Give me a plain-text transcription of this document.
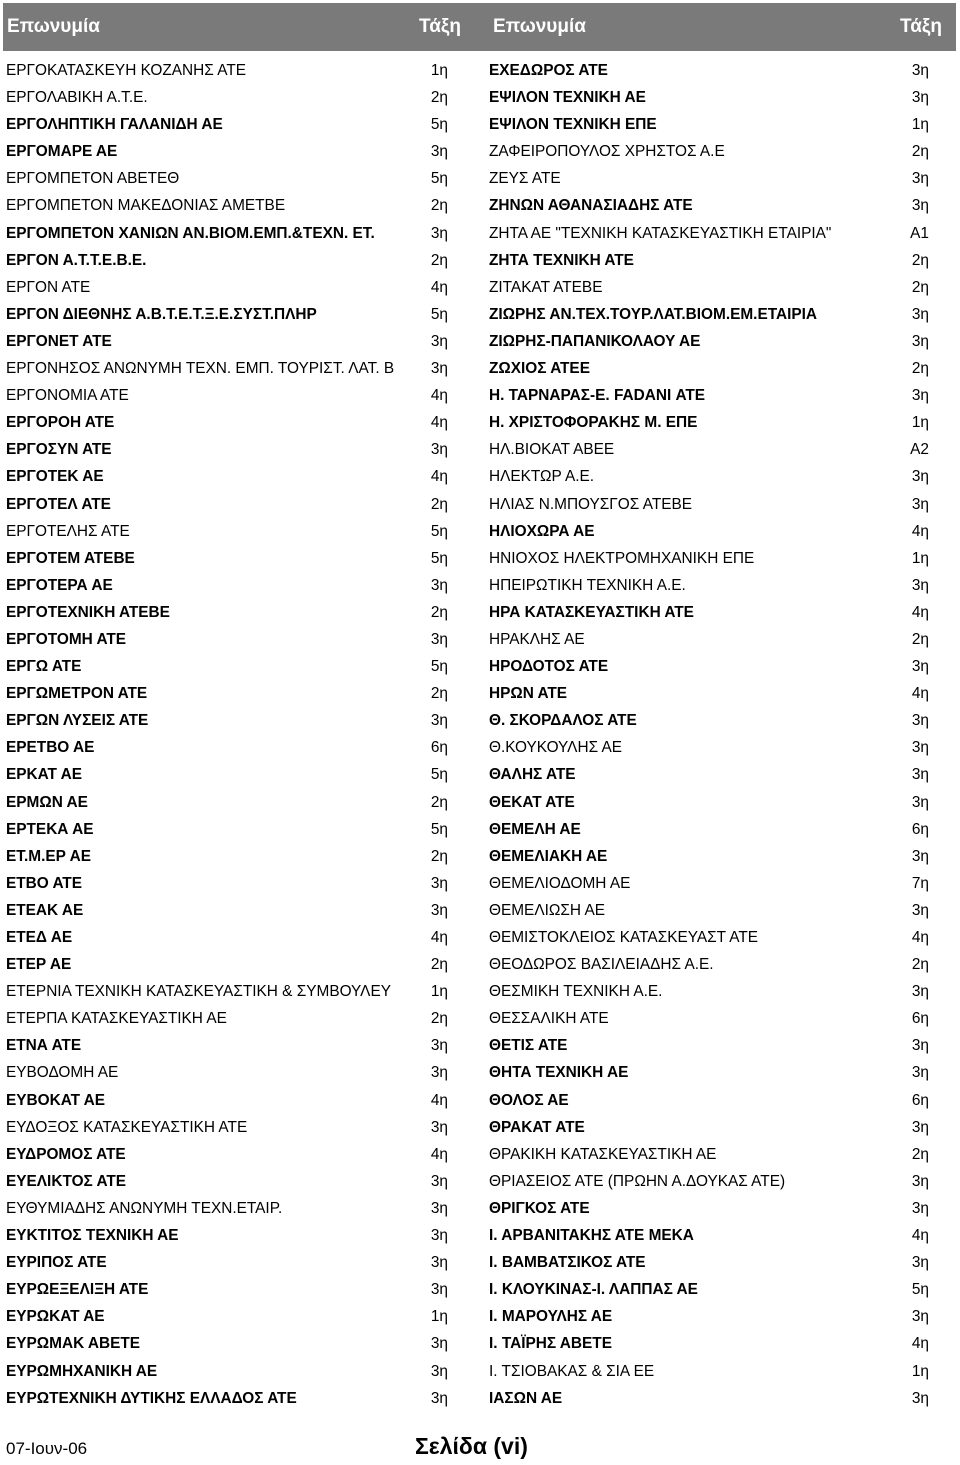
Επωνυμία	Τάξη Επωνυμία	Τάξη
ΕΡΓΟΚΑΤΑΣΚΕΥΗ ΚΟΖΑΝΗΣ ΑΤΕ	1η	ΕΧΕΔΩΡΟΣ ΑΤΕ	3η
ΕΡΓΟΛΑΒΙΚΗ Α.Τ.Ε.	2η	ΕΨΙΛΟΝ ΤΕΧΝΙΚΗ ΑΕ	3η
ΕΡΓΟΛΗΠΤΙΚΗ ΓΑΛΑΝΙΔΗ ΑΕ	5η	ΕΨΙΛΟΝ ΤΕΧΝΙΚΗ ΕΠΕ	1η
ΕΡΓΟΜΑΡΕ ΑΕ	3η	ΖΑΦΕΙΡΟΠΟΥΛΟΣ ΧΡΗΣΤΟΣ Α.Ε	2η
ΕΡΓΟΜΠΕΤΟΝ ΑΒΕΤΕΘ	5η	ΖΕΥΣ ΑΤΕ	3η
ΕΡΓΟΜΠΕΤΟΝ ΜΑΚΕΔΟΝΙΑΣ ΑΜΕΤΒΕ	2η	ΖΗΝΩΝ ΑΘΑΝΑΣΙΑΔΗΣ ΑΤΕ	3η
ΕΡΓΟΜΠΕΤΟΝ ΧΑΝΙΩΝ ΑΝ.ΒΙΟΜ.ΕΜΠ.&ΤΕΧΝ. ΕΤ.	3η	ΖΗΤΑ ΑΕ "ΤΕΧΝΙΚΗ ΚΑΤΑΣΚΕΥΑΣΤΙΚΗ ΕΤΑΙΡΙΑ"	Α1
ΕΡΓΟΝ Α.Τ.Τ.Ε.Β.Ε.	2η	ΖΗΤΑ ΤΕΧΝΙΚΗ ΑΤΕ	2η
ΕΡΓΟΝ ΑΤΕ	4η	ΖΙΤΑΚΑΤ ΑΤΕΒΕ	2η
ΕΡΓΟΝ ΔΙΕΘΝΗΣ Α.Β.Τ.Ε.Τ.Ξ.Ε.ΣΥΣΤ.ΠΛΗΡ	5η	ΖΙΩΡΗΣ ΑΝ.ΤΕΧ.ΤΟΥΡ.ΛΑΤ.ΒΙΟΜ.ΕΜ.ΕΤΑΙΡΙΑ	3η
ΕΡΓΟΝΕΤ ΑΤΕ	3η	ΖΙΩΡΗΣ-ΠΑΠΑΝΙΚΟΛΑΟΥ ΑΕ	3η
ΕΡΓΟΝΗΣΟΣ ΑΝΩΝΥΜΗ ΤΕΧΝ. ΕΜΠ. ΤΟΥΡΙΣΤ. ΛΑΤ. Β	3η	ΖΩΧΙΟΣ ΑΤΕΕ	2η
ΕΡΓΟΝΟΜΙΑ ΑΤΕ	4η	Η. ΤΑΡΝΑΡΑΣ-Ε. FADANI ΑΤΕ	3η
ΕΡΓΟΡΟΗ ΑΤΕ	4η	Η. ΧΡΙΣΤΟΦΟΡΑΚΗΣ Μ. ΕΠΕ	1η
ΕΡΓΟΣΥΝ ΑΤΕ	3η	ΗΛ.ΒΙΟΚΑΤ ΑΒΕΕ	Α2
ΕΡΓΟΤΕΚ ΑΕ	4η	ΗΛΕΚΤΩΡ Α.Ε.	3η
ΕΡΓΟΤΕΛ ΑΤΕ	2η	ΗΛΙΑΣ Ν.ΜΠΟΥΣΓΟΣ ΑΤΕΒΕ	3η
ΕΡΓΟΤΕΛΗΣ ΑΤΕ	5η	ΗΛΙΟΧΩΡΑ ΑΕ	4η
ΕΡΓΟΤΕΜ ΑΤΕΒΕ	5η	ΗΝΙΟΧΟΣ ΗΛΕΚΤΡΟΜΗΧΑΝΙΚΗ ΕΠΕ	1η
ΕΡΓΟΤΕΡΑ ΑΕ	3η	ΗΠΕΙΡΩΤΙΚΗ ΤΕΧΝΙΚΗ Α.Ε.	3η
ΕΡΓΟΤΕΧΝΙΚΗ ΑΤΕΒΕ	2η	ΗΡΑ ΚΑΤΑΣΚΕΥΑΣΤΙΚΗ ΑΤΕ	4η
ΕΡΓΟΤΟΜΗ ΑΤΕ	3η	ΗΡΑΚΛΗΣ ΑΕ	2η
ΕΡΓΩ ΑΤΕ	5η	ΗΡΟΔΟΤΟΣ ΑΤΕ	3η
ΕΡΓΩΜΕΤΡΟΝ ΑΤΕ	2η	ΗΡΩΝ ΑΤΕ	4η
ΕΡΓΩΝ ΛΥΣΕΙΣ ΑΤΕ	3η	Θ. ΣΚΟΡΔΑΛΟΣ ΑΤΕ	3η
ΕΡΕΤΒΟ ΑΕ	6η	Θ.ΚΟΥΚΟΥΛΗΣ ΑΕ	3η
ΕΡΚΑΤ ΑΕ	5η	ΘΑΛΗΣ ΑΤΕ	3η
ΕΡΜΩΝ ΑΕ	2η	ΘΕΚΑΤ ΑΤΕ	3η
ΕΡΤΕΚΑ ΑΕ	5η	ΘΕΜΕΛΗ ΑΕ	6η
ΕΤ.Μ.ΕΡ ΑΕ	2η	ΘΕΜΕΛΙΑΚΗ ΑΕ	3η
ΕΤΒΟ ΑΤΕ	3η	ΘΕΜΕΛΙΟΔΟΜΗ ΑΕ	7η
ΕΤΕΑΚ ΑΕ	3η	ΘΕΜΕΛΙΩΣΗ ΑΕ	3η
ΕΤΕΔ ΑΕ	4η	ΘΕΜΙΣΤΟΚΛΕΙΟΣ ΚΑΤΑΣΚΕΥΑΣΤ ΑΤΕ	4η
ΕΤΕΡ ΑΕ	2η	ΘΕΟΔΩΡΟΣ ΒΑΣΙΛΕΙΑΔΗΣ Α.Ε.	2η
ΕΤΕΡΝΙΑ ΤΕΧΝΙΚΗ ΚΑΤΑΣΚΕΥΑΣΤΙΚΗ & ΣΥΜΒΟΥΛΕΥ	1η	ΘΕΣΜΙΚΗ ΤΕΧΝΙΚΗ Α.Ε.	3η
ΕΤΕΡΠΑ ΚΑΤΑΣΚΕΥΑΣΤΙΚΗ ΑΕ	2η	ΘΕΣΣΑΛΙΚΗ ΑΤΕ	6η
ΕΤΝΑ ΑΤΕ	3η	ΘΕΤΙΣ ΑΤΕ	3η
ΕΥΒΟΔΟΜΗ ΑΕ	3η	ΘΗΤΑ ΤΕΧΝΙΚΗ ΑΕ	3η
ΕΥΒΟΚΑΤ ΑΕ	4η	ΘΟΛΟΣ ΑΕ	6η
ΕΥΔΟΞΟΣ ΚΑΤΑΣΚΕΥΑΣΤΙΚΗ ΑΤΕ	3η	ΘΡΑΚΑΤ ΑΤΕ	3η
ΕΥΔΡΟΜΟΣ ΑΤΕ	4η	ΘΡΑΚΙΚΗ ΚΑΤΑΣΚΕΥΑΣΤΙΚΗ ΑΕ	2η
ΕΥΕΛΙΚΤΟΣ ΑΤΕ	3η	ΘΡΙΑΣΕΙΟΣ ΑΤΕ (ΠΡΩΗΝ Α.ΔΟΥΚΑΣ ΑΤΕ)	3η
ΕΥΘΥΜΙΑΔΗΣ ΑΝΩΝΥΜΗ ΤΕΧΝ.ΕΤΑΙΡ.	3η	ΘΡΙΓΚΟΣ ΑΤΕ	3η
ΕΥΚΤΙΤΟΣ ΤΕΧΝΙΚΗ ΑΕ	3η	Ι. ΑΡΒΑΝΙΤΑΚΗΣ ΑΤΕ ΜΕΚΑ	4η
ΕΥΡΙΠΟΣ ΑΤΕ	3η	Ι. ΒΑΜΒΑΤΣΙΚΟΣ ΑΤΕ	3η
ΕΥΡΩΕΞΕΛΙΞΗ ΑΤΕ	3η	Ι. ΚΛΟΥΚΙΝΑΣ-Ι. ΛΑΠΠΑΣ ΑΕ	5η
ΕΥΡΩΚΑΤ ΑΕ	1η	Ι. ΜΑΡΟΥΛΗΣ ΑΕ	3η
ΕΥΡΩΜΑΚ ΑΒΕΤΕ	3η	Ι. ΤΑΪΡΗΣ ΑΒΕΤΕ	4η
ΕΥΡΩΜΗΧΑΝΙΚΗ ΑΕ	3η	Ι. ΤΣΙΟΒΑΚΑΣ & ΣΙΑ ΕΕ	1η
ΕΥΡΩΤΕΧΝΙΚΗ ΔΥΤΙΚΗΣ ΕΛΛΑΔΟΣ ΑΤΕ	3η	ΙΑΣΩΝ ΑΕ	3η
07-Ιουν-06	Σελίδα (vi)
